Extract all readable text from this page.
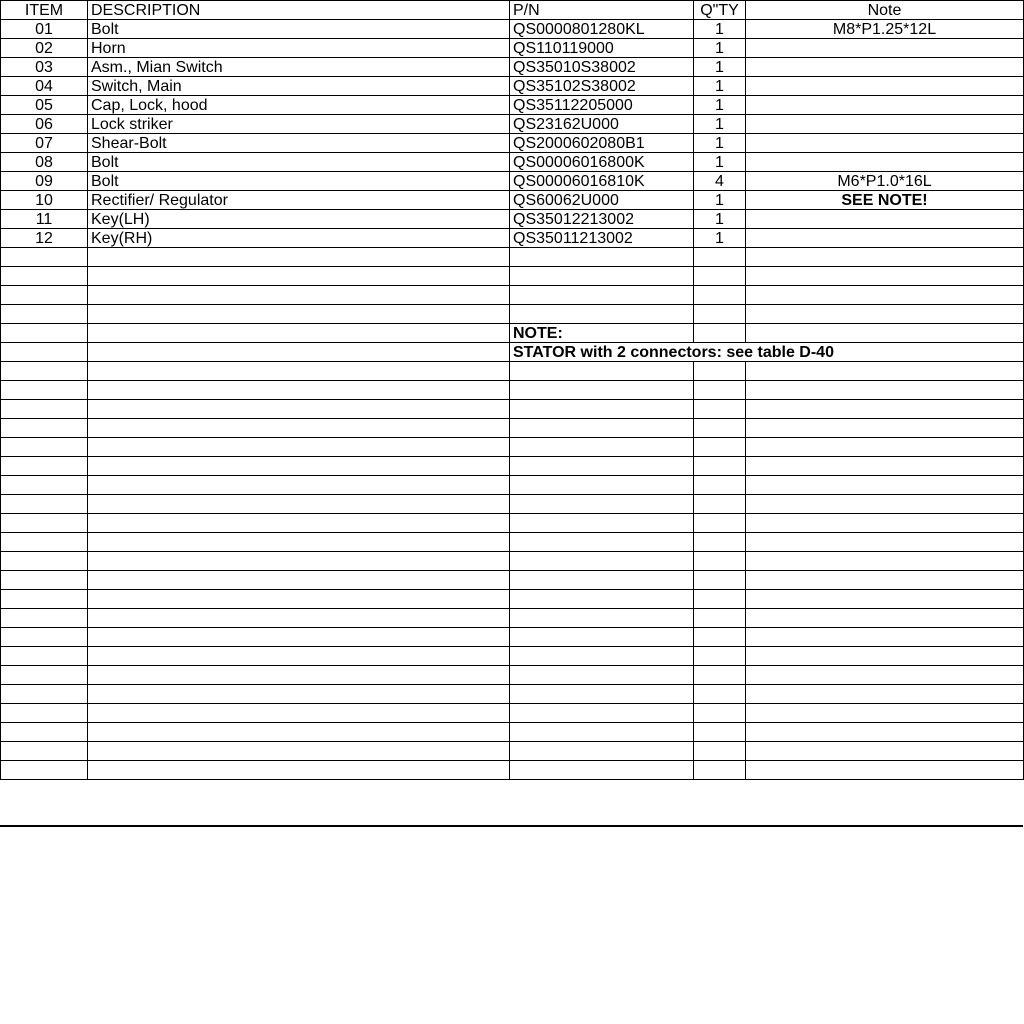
ITEM	DESCRIPTION	P/N	Q"TY	Note
01	Bolt	QS0000801280KL	1	M8*P1.25*12L
02	Horn	QS110119000	1	
03	Asm., Mian Switch	QS35010S38002	1	
04	Switch, Main	QS35102S38002	1	
05	Cap, Lock, hood	QS35112205000	1	
06	Lock striker	QS23162U000	1	
07	Shear-Bolt	QS2000602080B1	1	
08	Bolt	QS00006016800K	1	
09	Bolt	QS00006016810K	4	M6*P1.0*16L
10	Rectifier/ Regulator	QS60062U000	1	SEE NOTE!
11	Key(LH)	QS35012213002	1	
12	Key(RH)	QS35011213002	1	

		NOTE:		
		STATOR with 2 connectors: see table D-40		
